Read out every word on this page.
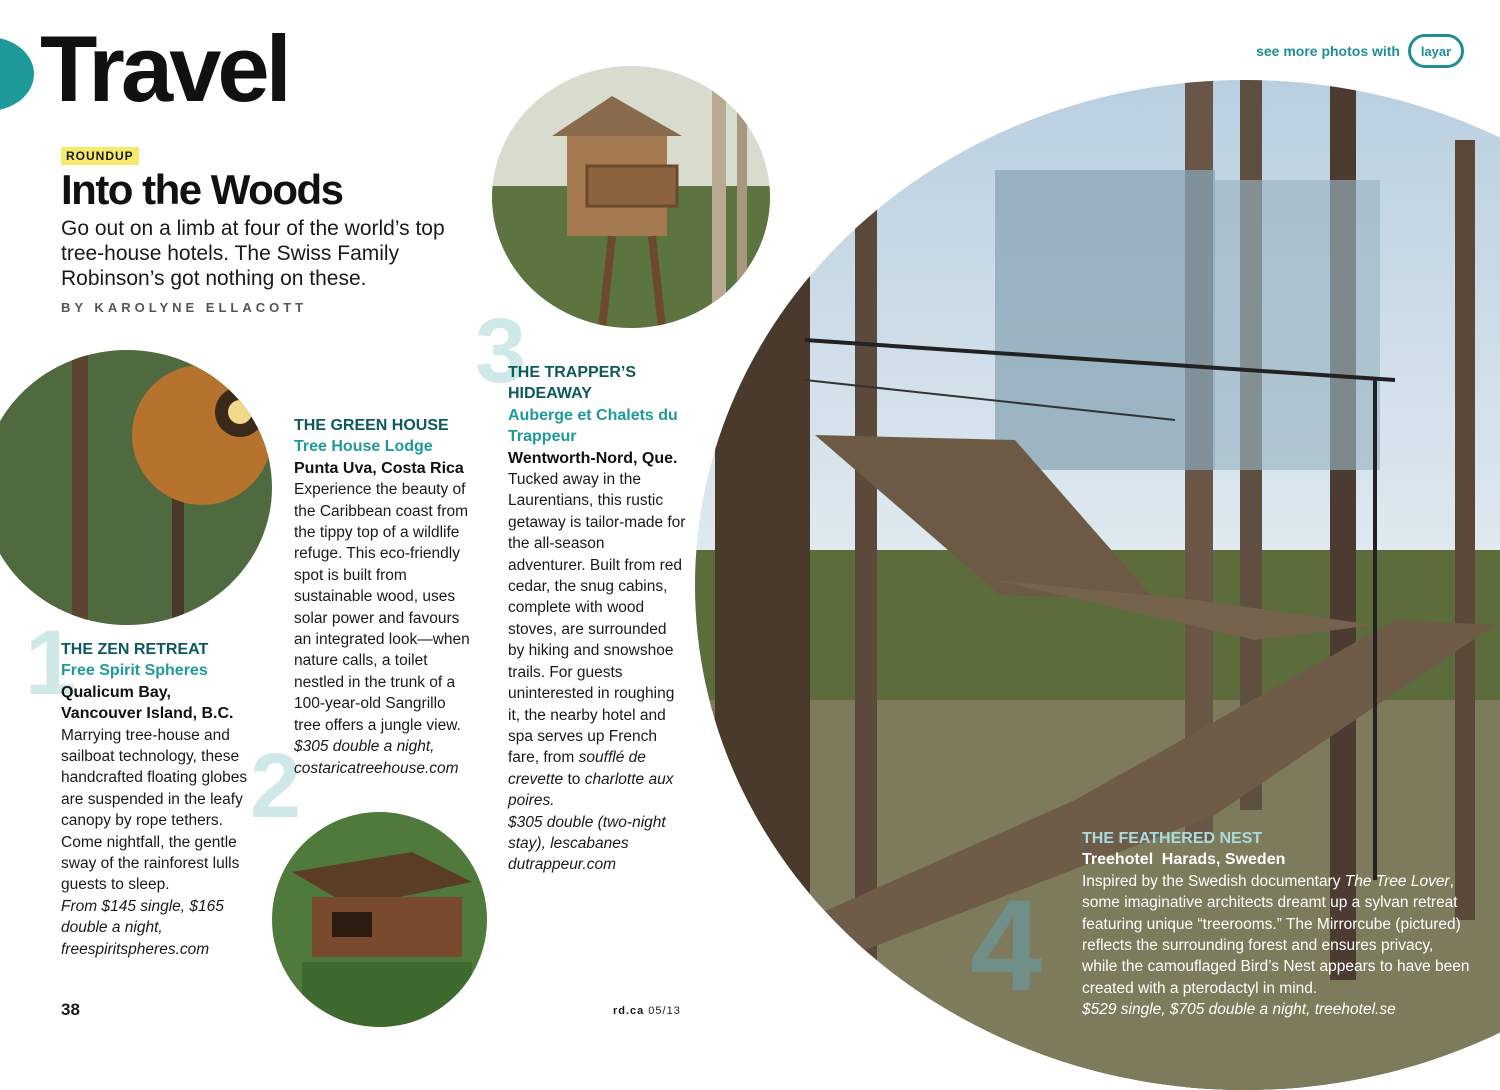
Travel	see more photos with	layar
ROUNDUP
Into the Woods
Go out on a limb at four of the world’s top tree-house hotels. The Swiss Family Robinson’s got nothing on these.
BY KAROLYNE ELLACOTT
1
2
3
4
THE ZEN RETREAT
Free Spirit Spheres
Qualicum Bay, Vancouver Island, B.C.
Marrying tree-house and sailboat technology, these handcrafted floating globes are suspended in the leafy canopy by rope tethers. Come nightfall, the gentle sway of the rainforest lulls guests to sleep.
From $145 single, $165 double a night, freespiritspheres.com
THE GREEN HOUSE
Tree House Lodge
Punta Uva, Costa Rica
Experience the beauty of the Caribbean coast from the tippy top of a wildlife refuge. This eco-friendly spot is built from sustainable wood, uses solar power and favours an integrated look—when nature calls, a toilet nestled in the trunk of a 100-year-old Sangrillo tree offers a jungle view.
$305 double a night, costaricatreehouse.com
THE TRAPPER’S HIDEAWAY
Auberge et Chalets du Trappeur
Wentworth-Nord, Que.
Tucked away in the Laurentians, this rustic getaway is tailor-made for the all-season adventurer. Built from red cedar, the snug cabins, complete with wood stoves, are surrounded by hiking and snowshoe trails. For guests uninterested in roughing it, the nearby hotel and spa serves up French fare, from soufflé de crevette to charlotte aux poires.
$305 double (two-night stay), lescabanes dutrappeur.com
THE FEATHERED NEST
Treehotel Harads, Sweden
Inspired by the Swedish documentary The Tree Lover, some imaginative architects dreamt up a sylvan retreat featuring unique “treerooms.” The Mirrorcube (pictured) reflects the surrounding forest and ensures privacy, while the camouflaged Bird’s Nest appears to have been created with a pterodactyl in mind.
$529 single, $705 double a night, treehotel.se
38	rd.ca 05/13
